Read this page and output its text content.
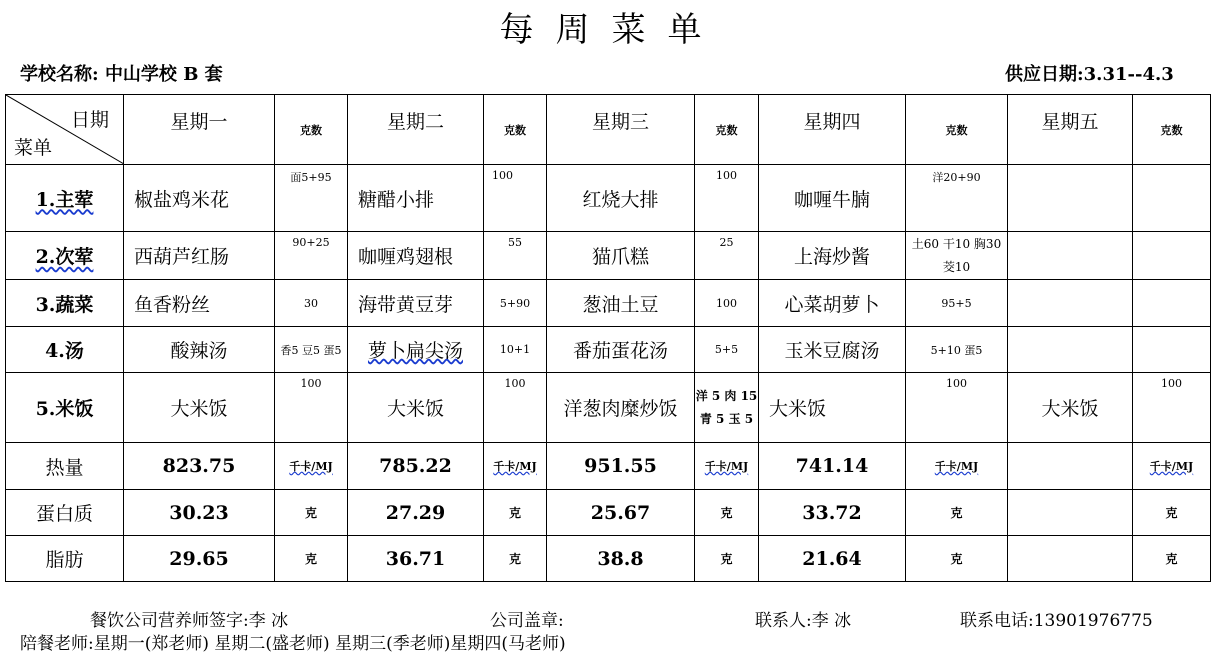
每周菜单
学校名称: 中山学校 B 套	供应日期:3.31--4.3
日期
菜单	星期一	克数	星期二	克数	星期三	克数	星期四	克数	星期五	克数
1.主荤	椒盐鸡米花	面5+95	糖醋小排	100	红烧大排	100	咖喱牛腩	洋20+90		
2.次荤	西葫芦红肠	90+25	咖喱鸡翅根	55	猫爪糕	25	上海炒酱	土60 干10 胸30 茭10		
3.蔬菜	鱼香粉丝	30	海带黄豆芽	5+90	葱油土豆	100	心菜胡萝卜	95+5		
4.汤	酸辣汤	香5 豆5 蛋5	萝卜扁尖汤	10+1	番茄蛋花汤	5+5	玉米豆腐汤	5+10 蛋5		
5.米饭	大米饭	100	大米饭	100	洋葱肉糜炒饭	洋 5 肉 15 青 5 玉 5	大米饭	100	大米饭	100
热量	823.75	千卡/MJ	785.22	千卡/MJ	951.55	千卡/MJ	741.14	千卡/MJ		千卡/MJ
蛋白质	30.23	克	27.29	克	25.67	克	33.72	克		克
脂肪	29.65	克	36.71	克	38.8	克	21.64	克		克
餐饮公司营养师签字:李 冰	公司盖章:	联系人:李 冰	联系电话:13901976775
陪餐老师:星期一(郑老师) 星期二(盛老师) 星期三(季老师)星期四(马老师)
